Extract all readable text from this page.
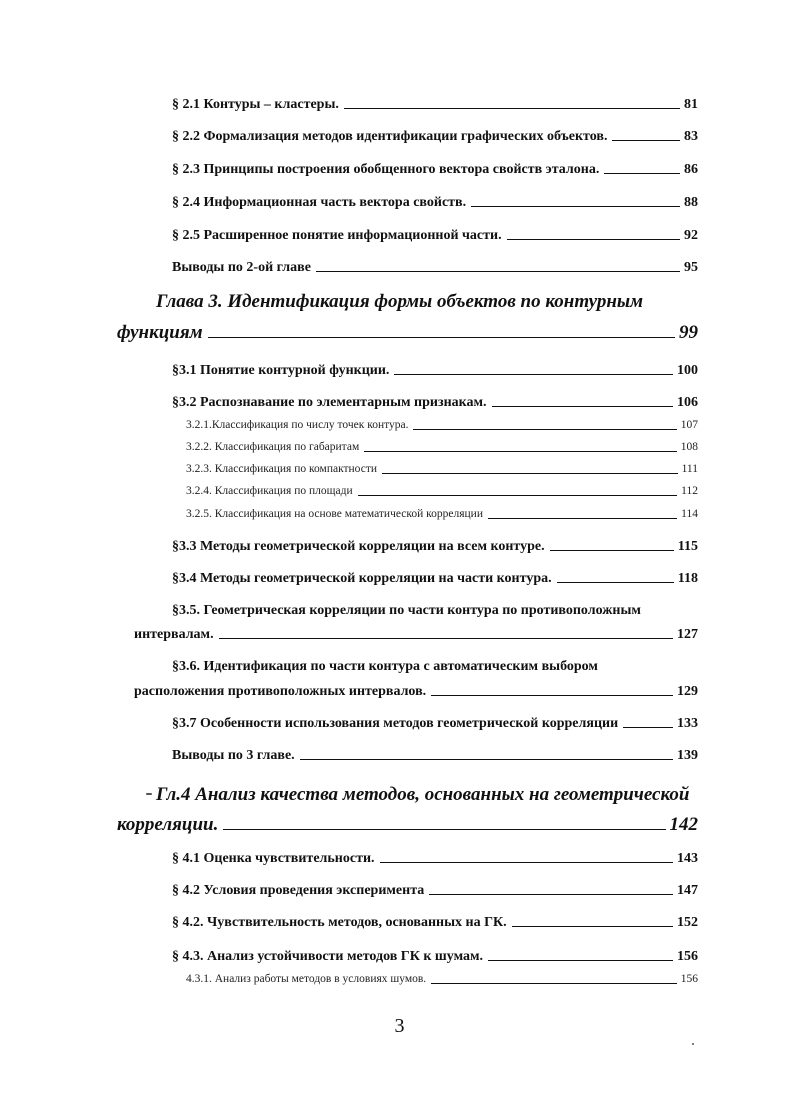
§ 2.1 Контуры – кластеры.	81
§ 2.2 Формализация методов идентификации графических объектов.	83
§ 2.3 Принципы построения обобщенного вектора свойств эталона.	86
§ 2.4 Информационная часть вектора свойств.	88
§ 2.5 Расширенное понятие информационной части.	92
Выводы по 2-ой главе	95
Глава 3. Идентификация формы объектов по контурным
функциям	99
§3.1 Понятие контурной функции.	100
§3.2 Распознавание по элементарным признакам.	106
3.2.1.Классификация по числу точек контура.	107
3.2.2. Классификация по габаритам	108
3.2.3. Классификация по компактности	111
3.2.4. Классификация по площади	112
3.2.5. Классификация на основе математической корреляции	114
§3.3 Методы геометрической корреляции на всем контуре.	115
§3.4 Методы геометрической корреляции на части контура.	118
§3.5. Геометрическая корреляции по части контура по противоположным
интервалам.	127
§3.6. Идентификация по части контура с автоматическим выбором
расположения противоположных интервалов.	129
§3.7 Особенности использования методов геометрической корреляции	133
Выводы по 3 главе.	139
Гл.4 Анализ качества методов, основанных на геометрической
корреляции.	142
§ 4.1 Оценка чувствительности.	143
§ 4.2 Условия проведения эксперимента	147
§ 4.2. Чувствительность методов, основанных на ГК.	152
§ 4.3. Анализ устойчивости методов ГК к шумам.	156
4.3.1. Анализ работы методов в условиях шумов.	156
3
